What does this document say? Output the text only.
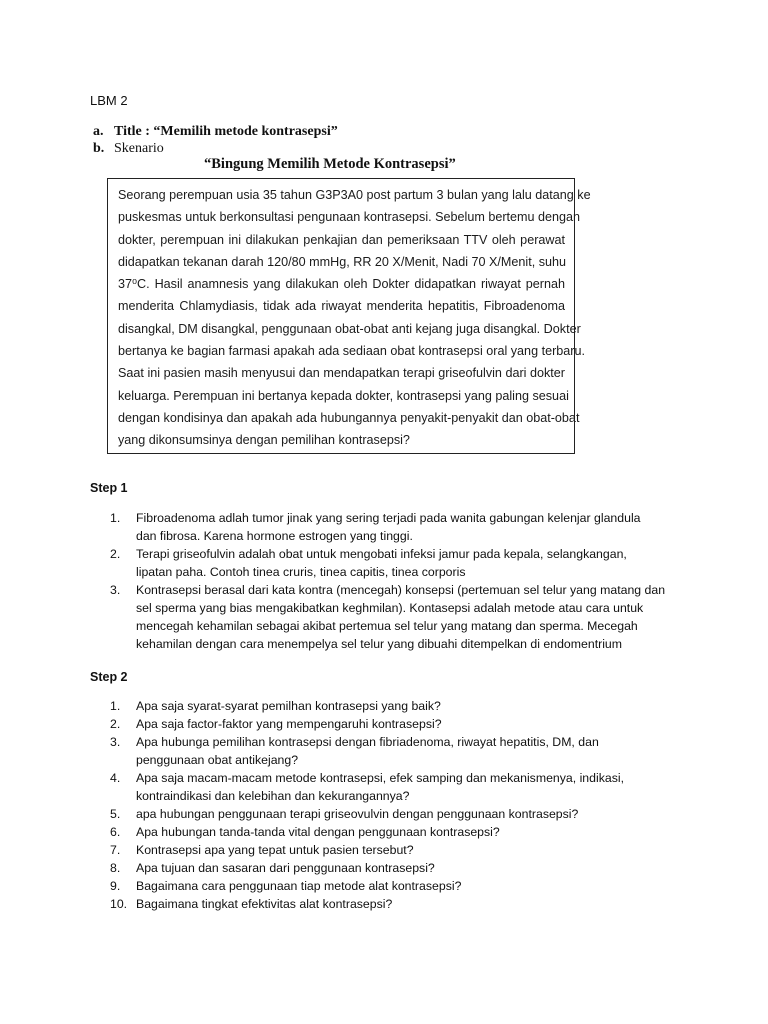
LBM 2
a. Title : “Memilih metode kontrasepsi”
b. Skenario
“Bingung Memilih Metode Kontrasepsi”
Seorang perempuan usia 35 tahun G3P3A0 post partum 3 bulan yang lalu datang ke
puskesmas untuk berkonsultasi pengunaan kontrasepsi. Sebelum bertemu dengan
dokter, perempuan ini dilakukan penkajian dan pemeriksaan TTV oleh perawat
didapatkan tekanan darah 120/80 mmHg, RR 20 X/Menit, Nadi 70 X/Menit, suhu
37⁰C. Hasil anamnesis yang dilakukan oleh Dokter didapatkan riwayat pernah
menderita Chlamydiasis, tidak ada riwayat menderita hepatitis, Fibroadenoma
disangkal, DM disangkal, penggunaan obat-obat anti kejang juga disangkal. Dokter
bertanya ke bagian farmasi apakah ada sediaan obat kontrasepsi oral yang terbaru.
Saat ini pasien masih menyusui dan mendapatkan terapi griseofulvin dari dokter
keluarga. Perempuan ini bertanya kepada dokter, kontrasepsi yang paling sesuai
dengan kondisinya dan apakah ada hubungannya penyakit-penyakit dan obat-obat
yang dikonsumsinya dengan pemilihan kontrasepsi?
Step 1
1.	Fibroadenoma adlah tumor jinak yang sering terjadi pada wanita gabungan kelenjar glandula
dan fibrosa. Karena hormone estrogen yang tinggi.
2.	Terapi griseofulvin adalah obat untuk mengobati infeksi jamur pada kepala, selangkangan,
lipatan paha. Contoh tinea cruris, tinea capitis, tinea corporis
3.	Kontrasepsi berasal dari kata kontra (mencegah) konsepsi (pertemuan sel telur yang matang dan
sel sperma yang bias mengakibatkan keghmilan). Kontasepsi adalah metode atau cara untuk
mencegah kehamilan sebagai akibat pertemua sel telur yang matang dan sperma. Mecegah
kehamilan dengan cara menempelya sel telur yang dibuahi ditempelkan di endomentrium
Step 2
1.	Apa saja syarat-syarat pemilhan kontrasepsi yang baik?
2.	Apa saja factor-faktor yang mempengaruhi kontrasepsi?
3.	Apa hubunga pemilihan kontrasepsi dengan fibriadenoma, riwayat hepatitis, DM, dan
penggunaan obat antikejang?
4.	Apa saja macam-macam metode kontrasepsi, efek samping dan mekanismenya, indikasi,
kontraindikasi dan kelebihan dan kekurangannya?
5.	apa hubungan penggunaan terapi griseovulvin dengan penggunaan kontrasepsi?
6.	Apa hubungan tanda-tanda vital dengan penggunaan kontrasepsi?
7.	Kontrasepsi apa yang tepat untuk pasien tersebut?
8.	Apa tujuan dan sasaran dari penggunaan kontrasepsi?
9.	Bagaimana cara penggunaan tiap metode alat kontrasepsi?
10. Bagaimana tingkat efektivitas alat kontrasepsi?
